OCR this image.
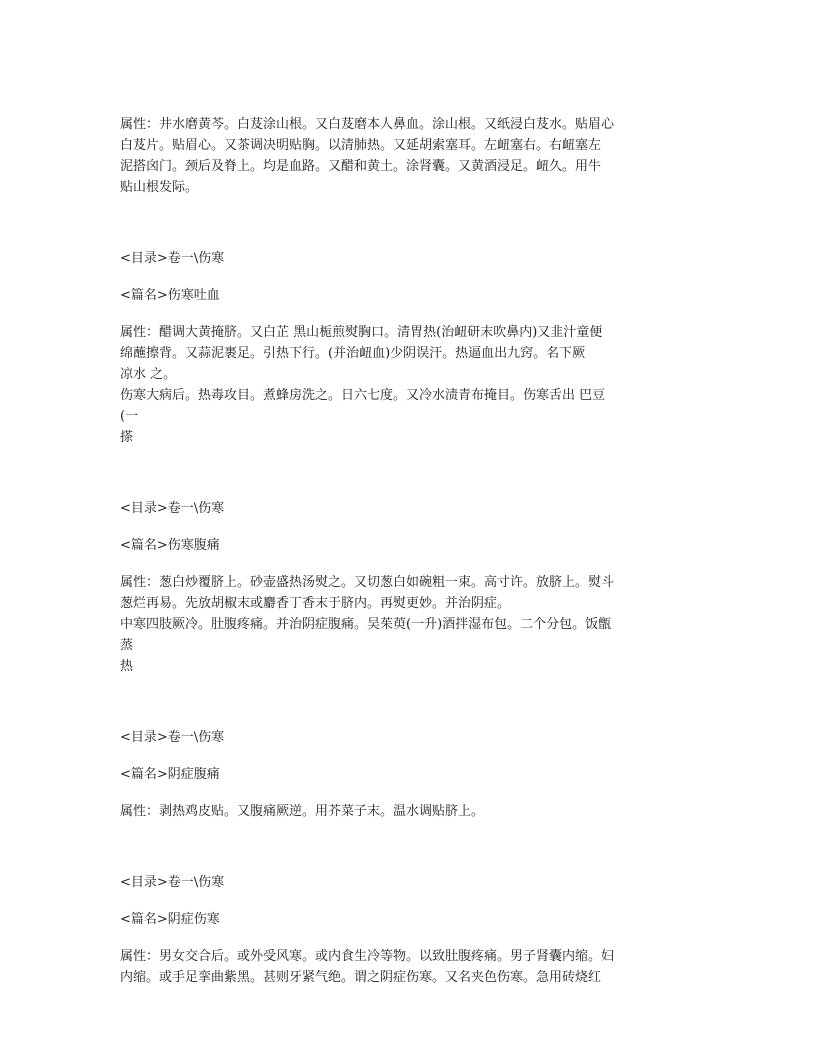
属性：井水磨黄芩。白芨涂山根。又白芨磨本人鼻血。涂山根。又纸浸白芨水。贴眉心

白芨片。贴眉心。又茶调决明贴胸。以清肺热。又延胡索塞耳。左衄塞右。右衄塞左

泥搭囟门。颈后及脊上。均是血路。又醋和黄土。涂肾囊。又黄酒浸足。衄久。用牛

贴山根发际。

<目录>卷一\伤寒

<篇名>伤寒吐血

属性：醋调大黄掩脐。又白芷 黑山栀煎熨胸口。清胃热(治衄研末吹鼻内)又韭汁童便

绵蘸擦背。又蒜泥裹足。引热下行。(并治衄血)少阴误汗。热逼血出九窍。名下厥

凉水 之。

伤寒大病后。热毒攻目。煮蜂房洗之。日六七度。又冷水渍青布掩目。伤寒舌出 巴豆

(一

搽

<目录>卷一\伤寒

<篇名>伤寒腹痛

属性：葱白炒覆脐上。砂壶盛热汤熨之。又切葱白如碗粗一束。高寸许。放脐上。熨斗

葱烂再易。先放胡椒末或麝香丁香末于脐内。再熨更妙。并治阴症。

中寒四肢厥冷。肚腹疼痛。并治阴症腹痛。吴茱萸(一升)酒拌湿布包。二个分包。饭甑

蒸

热

<目录>卷一\伤寒

<篇名>阴症腹痛

属性：剥热鸡皮贴。又腹痛厥逆。用芥菜子末。温水调贴脐上。

<目录>卷一\伤寒

<篇名>阴症伤寒

属性：男女交合后。或外受风寒。或内食生冷等物。以致肚腹疼痛。男子肾囊内缩。妇

内缩。或手足挛曲紫黑。甚则牙紧气绝。谓之阴症伤寒。又名夹色伤寒。急用砖烧红
